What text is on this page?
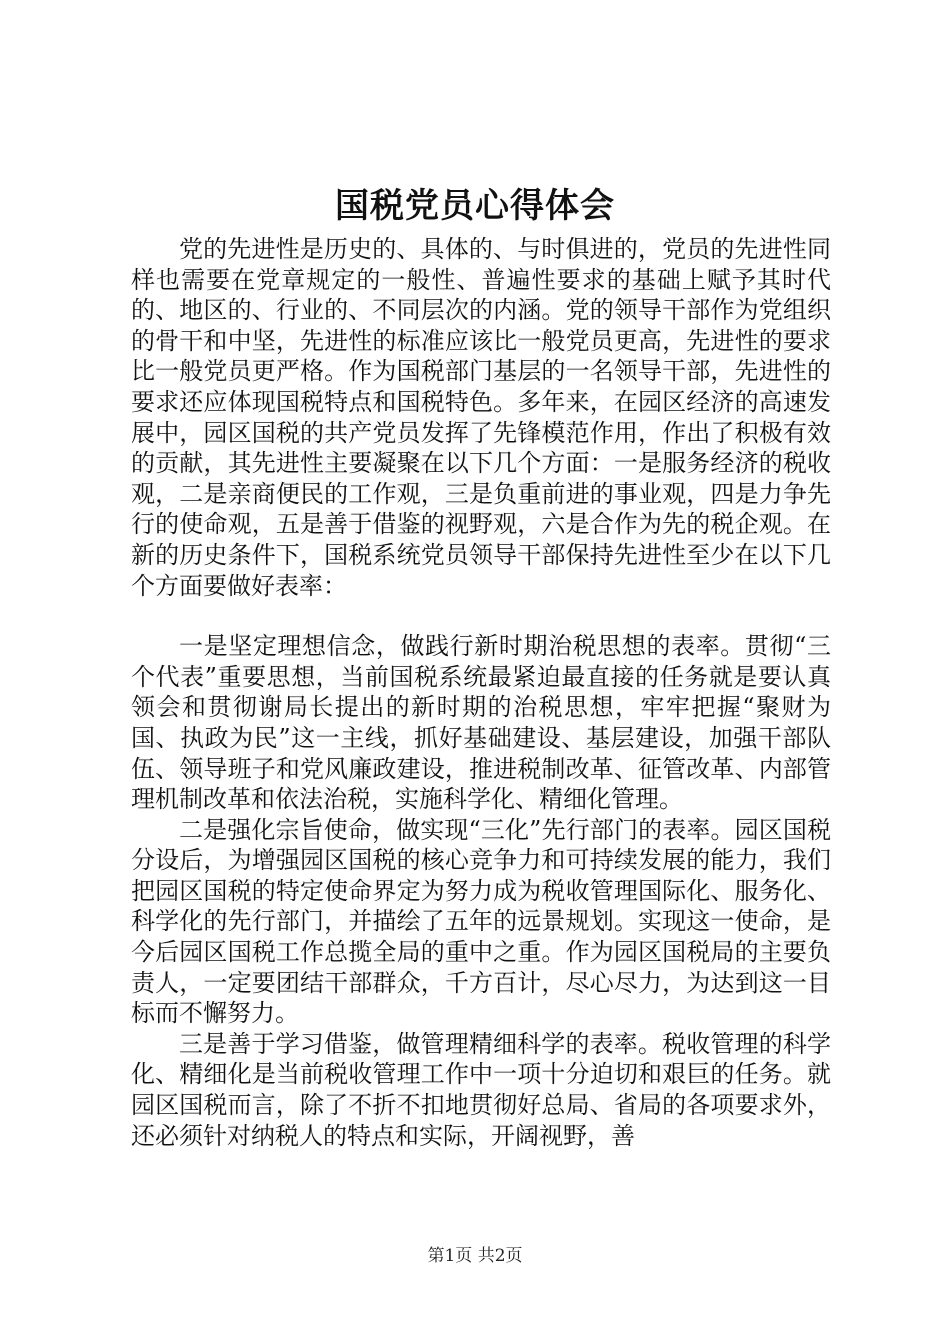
国税党员心得体会

党的先进性是历史的、具体的、与时俱进的，党员的先进性同样也需要在党章规定的一般性、普遍性要求的基础上赋予其时代的、地区的、行业的、不同层次的内涵。党的领导干部作为党组织的骨干和中坚，先进性的标准应该比一般党员更高，先进性的要求比一般党员更严格。作为国税部门基层的一名领导干部，先进性的要求还应体现国税特点和国税特色。多年来，在园区经济的高速发展中，园区国税的共产党员发挥了先锋模范作用，作出了积极有效的贡献，其先进性主要凝聚在以下几个方面：一是服务经济的税收观，二是亲商便民的工作观，三是负重前进的事业观，四是力争先行的使命观，五是善于借鉴的视野观，六是合作为先的税企观。在新的历史条件下，国税系统党员领导干部保持先进性至少在以下几个方面要做好表率：

一是坚定理想信念，做践行新时期治税思想的表率。贯彻“三个代表”重要思想，当前国税系统最紧迫最直接的任务就是要认真领会和贯彻谢局长提出的新时期的治税思想，牢牢把握“聚财为国、执政为民”这一主线，抓好基础建设、基层建设，加强干部队伍、领导班子和党风廉政建设，推进税制改革、征管改革、内部管理机制改革和依法治税，实施科学化、精细化管理。

二是强化宗旨使命，做实现“三化”先行部门的表率。园区国税分设后，为增强园区国税的核心竞争力和可持续发展的能力，我们把园区国税的特定使命界定为努力成为税收管理国际化、服务化、科学化的先行部门，并描绘了五年的远景规划。实现这一使命，是今后园区国税工作总揽全局的重中之重。作为园区国税局的主要负责人，一定要团结干部群众，千方百计，尽心尽力，为达到这一目标而不懈努力。

三是善于学习借鉴，做管理精细科学的表率。税收管理的科学化、精细化是当前税收管理工作中一项十分迫切和艰巨的任务。就园区国税而言，除了不折不扣地贯彻好总局、省局的各项要求外，还必须针对纳税人的特点和实际，开阔视野，善

第1页 共2页
